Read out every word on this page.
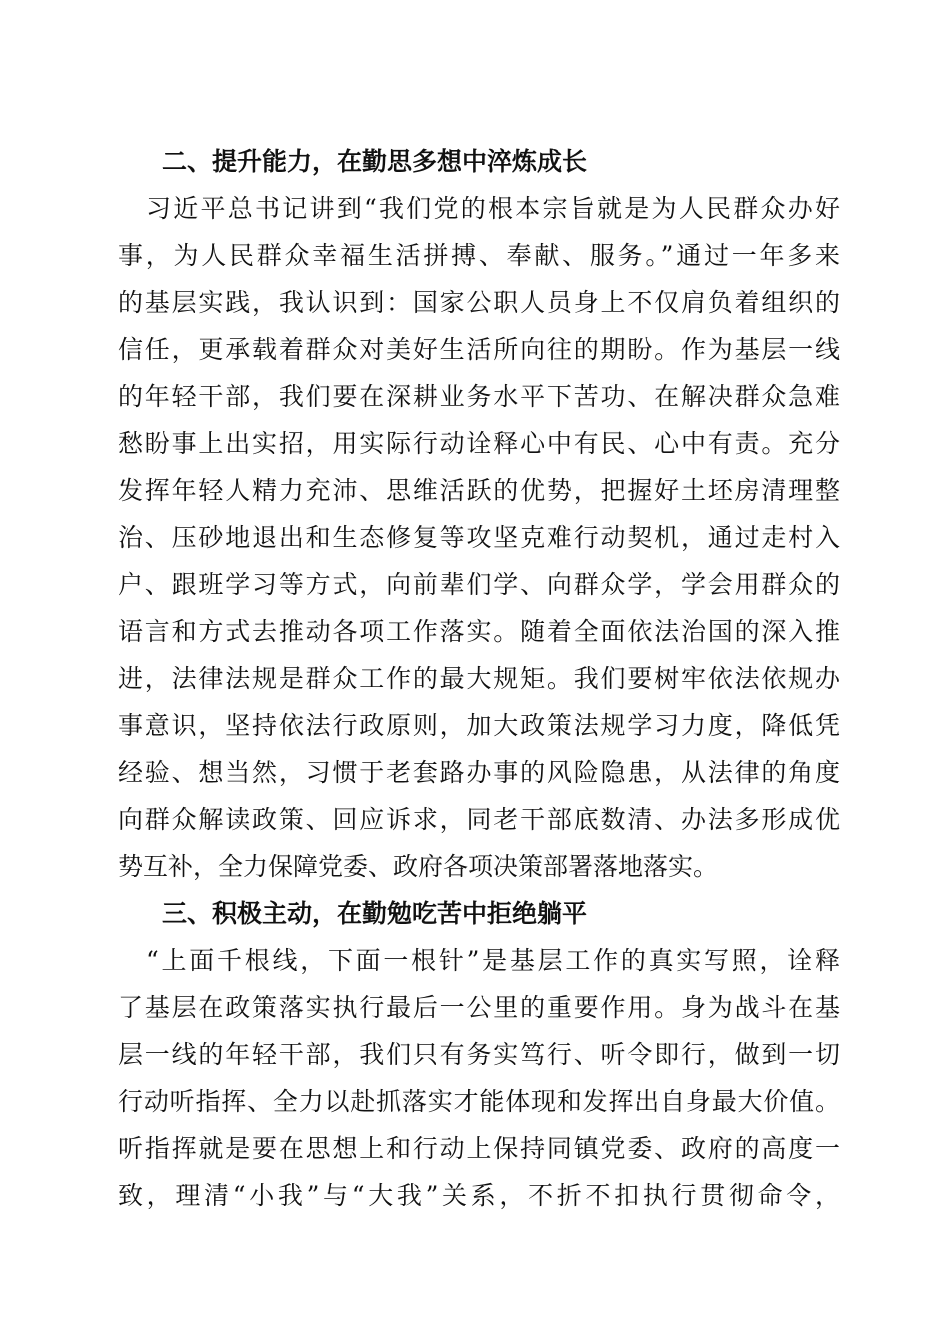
二、提升能力，在勤思多想中淬炼成长
习近平总书记讲到“我们党的根本宗旨就是为人民群众办好
事，为人民群众幸福生活拼搏、奉献、服务。”通过一年多来
的基层实践，我认识到：国家公职人员身上不仅肩负着组织的
信任，更承载着群众对美好生活所向往的期盼。作为基层一线
的年轻干部，我们要在深耕业务水平下苦功、在解决群众急难
愁盼事上出实招，用实际行动诠释心中有民、心中有责。充分
发挥年轻人精力充沛、思维活跃的优势，把握好土坯房清理整
治、压砂地退出和生态修复等攻坚克难行动契机，通过走村入
户、跟班学习等方式，向前辈们学、向群众学，学会用群众的
语言和方式去推动各项工作落实。随着全面依法治国的深入推
进，法律法规是群众工作的最大规矩。我们要树牢依法依规办
事意识，坚持依法行政原则，加大政策法规学习力度，降低凭
经验、想当然，习惯于老套路办事的风险隐患，从法律的角度
向群众解读政策、回应诉求，同老干部底数清、办法多形成优
势互补，全力保障党委、政府各项决策部署落地落实。
三、积极主动，在勤勉吃苦中拒绝躺平
“上面千根线，下面一根针”是基层工作的真实写照，诠释
了基层在政策落实执行最后一公里的重要作用。身为战斗在基
层一线的年轻干部，我们只有务实笃行、听令即行，做到一切
行动听指挥、全力以赴抓落实才能体现和发挥出自身最大价值。
听指挥就是要在思想上和行动上保持同镇党委、政府的高度一
致，理清“小我”与“大我”关系，不折不扣执行贯彻命令，
